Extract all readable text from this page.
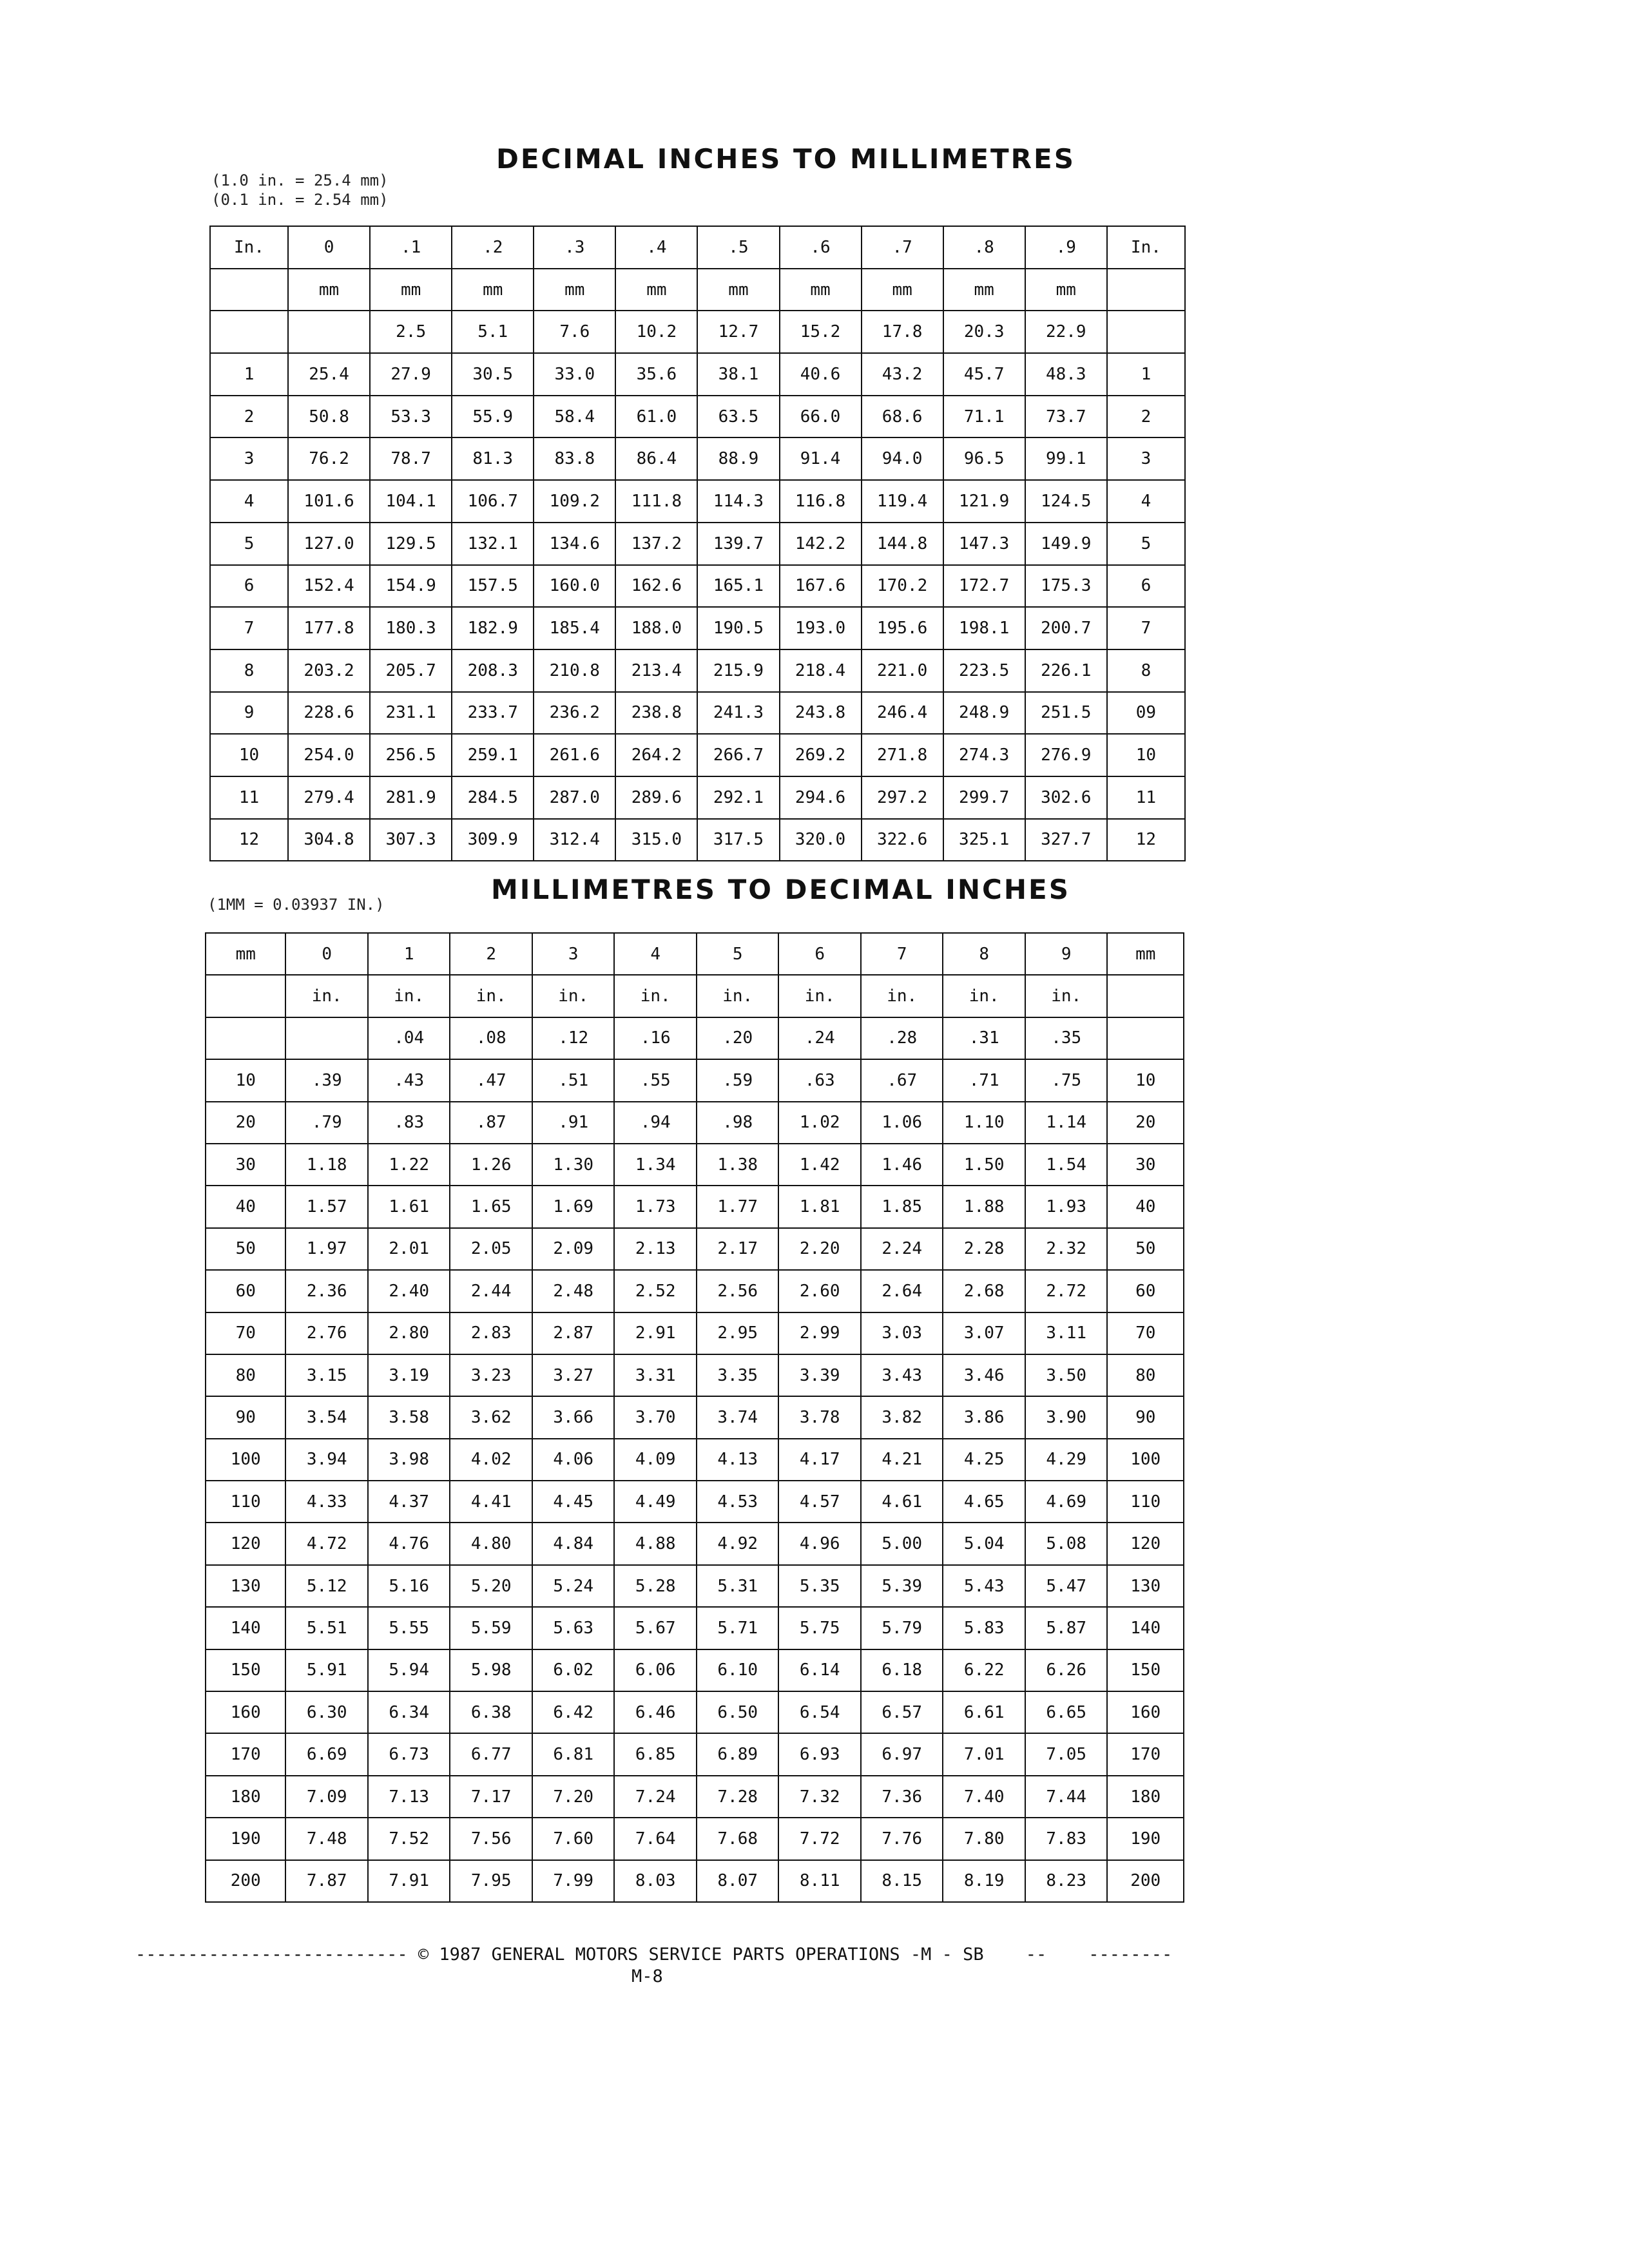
DECIMAL INCHES TO MILLIMETRES
(1.0 in. = 25.4 mm)
(0.1 in. = 2.54 mm)
In.	0	.1	.2	.3	.4	.5	.6	.7	.8	.9	In.
	mm	mm	mm	mm	mm	mm	mm	mm	mm	mm	
		2.5	5.1	7.6	10.2	12.7	15.2	17.8	20.3	22.9	
1	25.4	27.9	30.5	33.0	35.6	38.1	40.6	43.2	45.7	48.3	1
2	50.8	53.3	55.9	58.4	61.0	63.5	66.0	68.6	71.1	73.7	2
3	76.2	78.7	81.3	83.8	86.4	88.9	91.4	94.0	96.5	99.1	3
4	101.6	104.1	106.7	109.2	111.8	114.3	116.8	119.4	121.9	124.5	4
5	127.0	129.5	132.1	134.6	137.2	139.7	142.2	144.8	147.3	149.9	5
6	152.4	154.9	157.5	160.0	162.6	165.1	167.6	170.2	172.7	175.3	6
7	177.8	180.3	182.9	185.4	188.0	190.5	193.0	195.6	198.1	200.7	7
8	203.2	205.7	208.3	210.8	213.4	215.9	218.4	221.0	223.5	226.1	8
9	228.6	231.1	233.7	236.2	238.8	241.3	243.8	246.4	248.9	251.5	09
10	254.0	256.5	259.1	261.6	264.2	266.7	269.2	271.8	274.3	276.9	10
11	279.4	281.9	284.5	287.0	289.6	292.1	294.6	297.2	299.7	302.6	11
12	304.8	307.3	309.9	312.4	315.0	317.5	320.0	322.6	325.1	327.7	12
MILLIMETRES TO DECIMAL INCHES
(1MM = 0.03937 IN.)
mm	0	1	2	3	4	5	6	7	8	9	mm
	in.	in.	in.	in.	in.	in.	in.	in.	in.	in.	
		.04	.08	.12	.16	.20	.24	.28	.31	.35	
10	.39	.43	.47	.51	.55	.59	.63	.67	.71	.75	10
20	.79	.83	.87	.91	.94	.98	1.02	1.06	1.10	1.14	20
30	1.18	1.22	1.26	1.30	1.34	1.38	1.42	1.46	1.50	1.54	30
40	1.57	1.61	1.65	1.69	1.73	1.77	1.81	1.85	1.88	1.93	40
50	1.97	2.01	2.05	2.09	2.13	2.17	2.20	2.24	2.28	2.32	50
60	2.36	2.40	2.44	2.48	2.52	2.56	2.60	2.64	2.68	2.72	60
70	2.76	2.80	2.83	2.87	2.91	2.95	2.99	3.03	3.07	3.11	70
80	3.15	3.19	3.23	3.27	3.31	3.35	3.39	3.43	3.46	3.50	80
90	3.54	3.58	3.62	3.66	3.70	3.74	3.78	3.82	3.86	3.90	90
100	3.94	3.98	4.02	4.06	4.09	4.13	4.17	4.21	4.25	4.29	100
110	4.33	4.37	4.41	4.45	4.49	4.53	4.57	4.61	4.65	4.69	110
120	4.72	4.76	4.80	4.84	4.88	4.92	4.96	5.00	5.04	5.08	120
130	5.12	5.16	5.20	5.24	5.28	5.31	5.35	5.39	5.43	5.47	130
140	5.51	5.55	5.59	5.63	5.67	5.71	5.75	5.79	5.83	5.87	140
150	5.91	5.94	5.98	6.02	6.06	6.10	6.14	6.18	6.22	6.26	150
160	6.30	6.34	6.38	6.42	6.46	6.50	6.54	6.57	6.61	6.65	160
170	6.69	6.73	6.77	6.81	6.85	6.89	6.93	6.97	7.01	7.05	170
180	7.09	7.13	7.17	7.20	7.24	7.28	7.32	7.36	7.40	7.44	180
190	7.48	7.52	7.56	7.60	7.64	7.68	7.72	7.76	7.80	7.83	190
200	7.87	7.91	7.95	7.99	8.03	8.07	8.11	8.15	8.19	8.23	200
-------------------------- © 1987 GENERAL MOTORS SERVICE PARTS OPERATIONS -M - SB    --    --------
M-8
